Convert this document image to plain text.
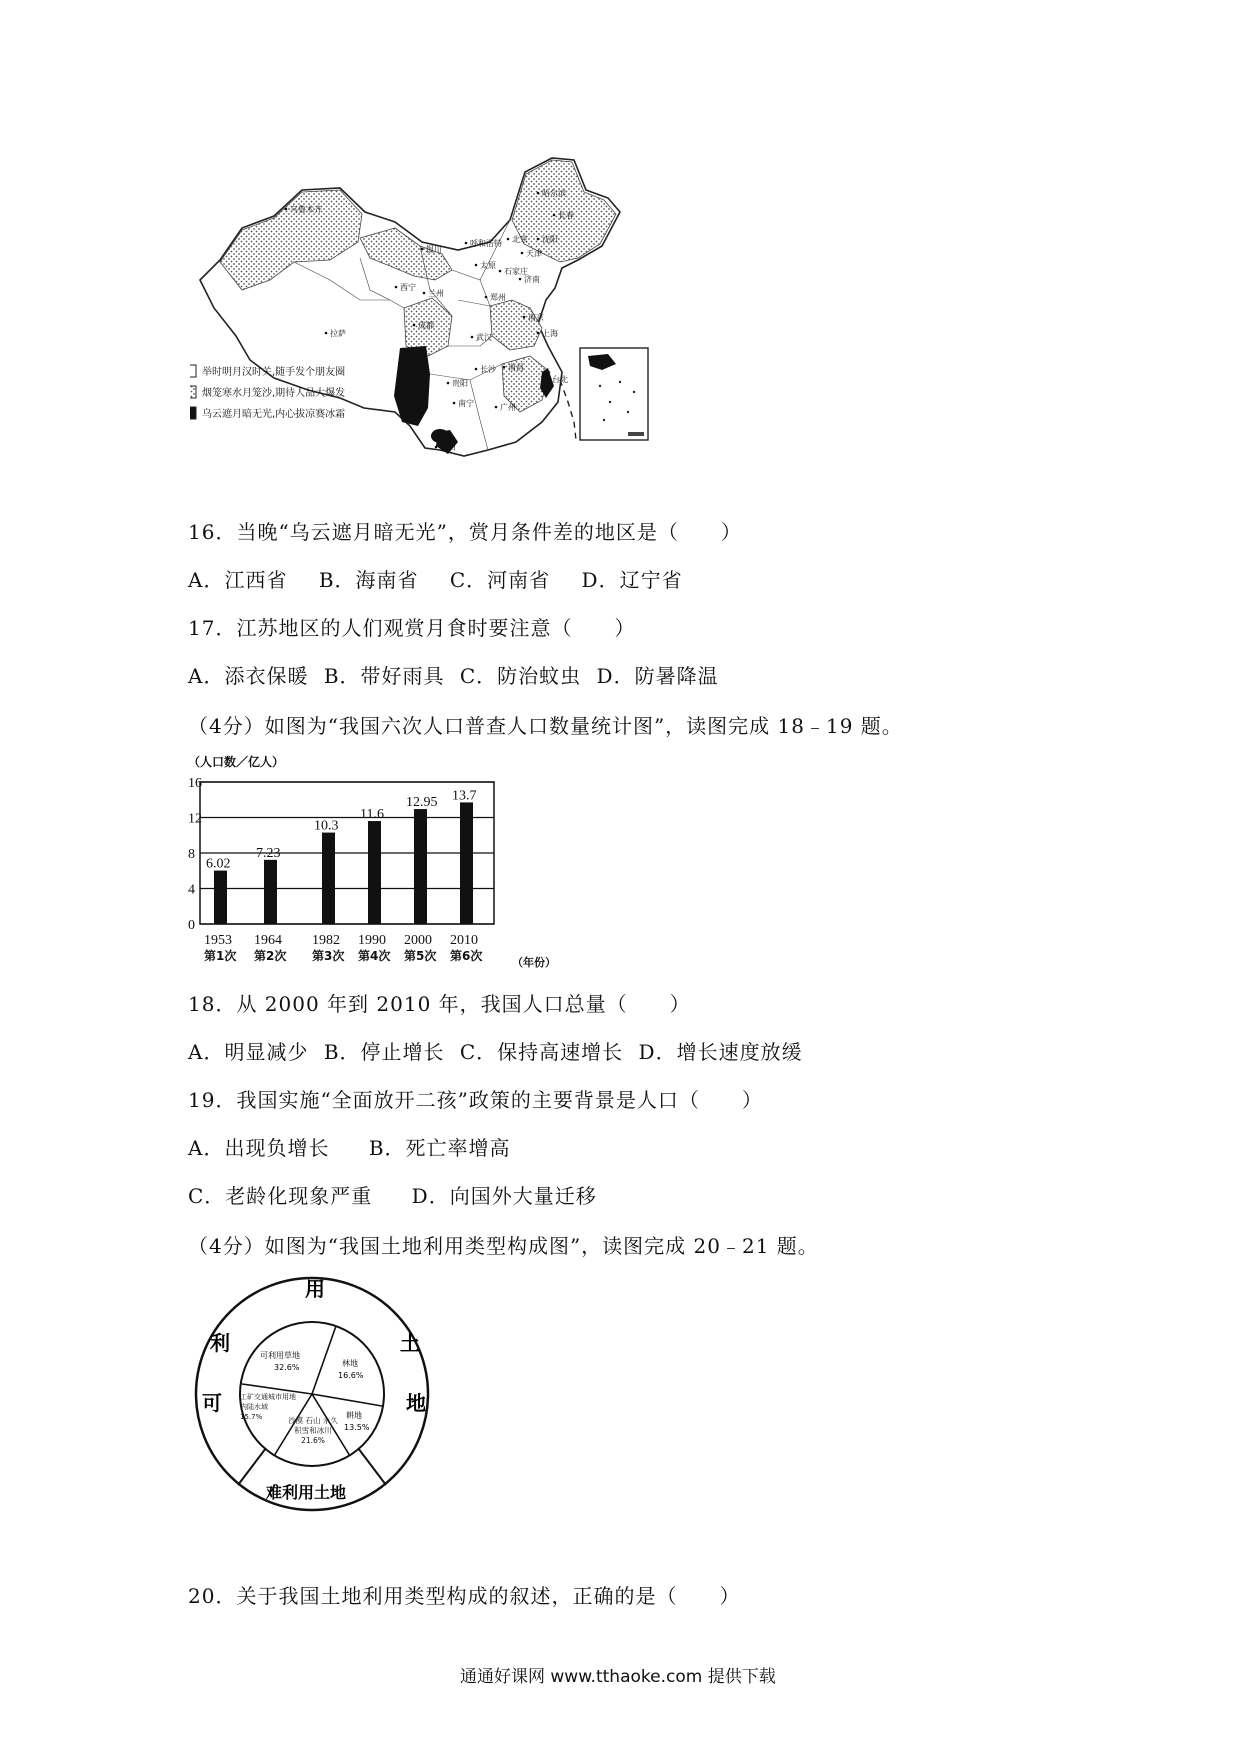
乌鲁木齐
哈尔滨
长春
沈阳
呼和浩特 北京
天津
银川
太原
石家庄
济南
西宁
兰州	郑州
拉萨
成都
武汉
南京
上海
长沙 南昌
贵阳
昆明	南宁	广州
台北
海口
举时明月汉时关,随手发个朋友圈
烟笼寒水月笼沙,期待人品大爆发
乌云遮月暗无光,内心拔凉赛冰霜
16．当晚“乌云遮月暗无光”，赏月条件差的地区是（　　）
A．江西省 B．海南省 C．河南省 D．辽宁省
17．江苏地区的人们观赏月食时要注意（　　）
A．添衣保暖 B．带好雨具 C．防治蚊虫 D．防暑降温
（4分）如图为“我国六次人口普查人口数量统计图”，读图完成 18﹣19 题。
（人口数／亿人）
0
4
8
12
16
6.02
7.23
10.3
11.6
12.95 13.7
1953
第1次
1964
第2次
1982
第3次
1990
第4次
2000
第5次
2010
第6次	（年份）
18．从 2000 年到 2010 年，我国人口总量（　　）
A．明显减少 B．停止增长 C．保持高速增长 D．增长速度放缓
19．我国实施“全面放开二孩”政策的主要背景是人口（　　）
A．出现负增长 B．死亡率增高
C．老龄化现象严重 D．向国外大量迁移
（4分）如图为“我国土地利用类型构成图”，读图完成 20﹣21 题。
用
土
地
可
利
难利用土地
可利用草地
32.6%	林地
16.6%
耕地
13.5%
沙漠 石山 永久 积雪和冰川
21.6%
工矿交通城市用地内陆水域
15.7%
20．关于我国土地利用类型构成的叙述，正确的是（　　）
通通好课网 www.tthaoke.com 提供下载
